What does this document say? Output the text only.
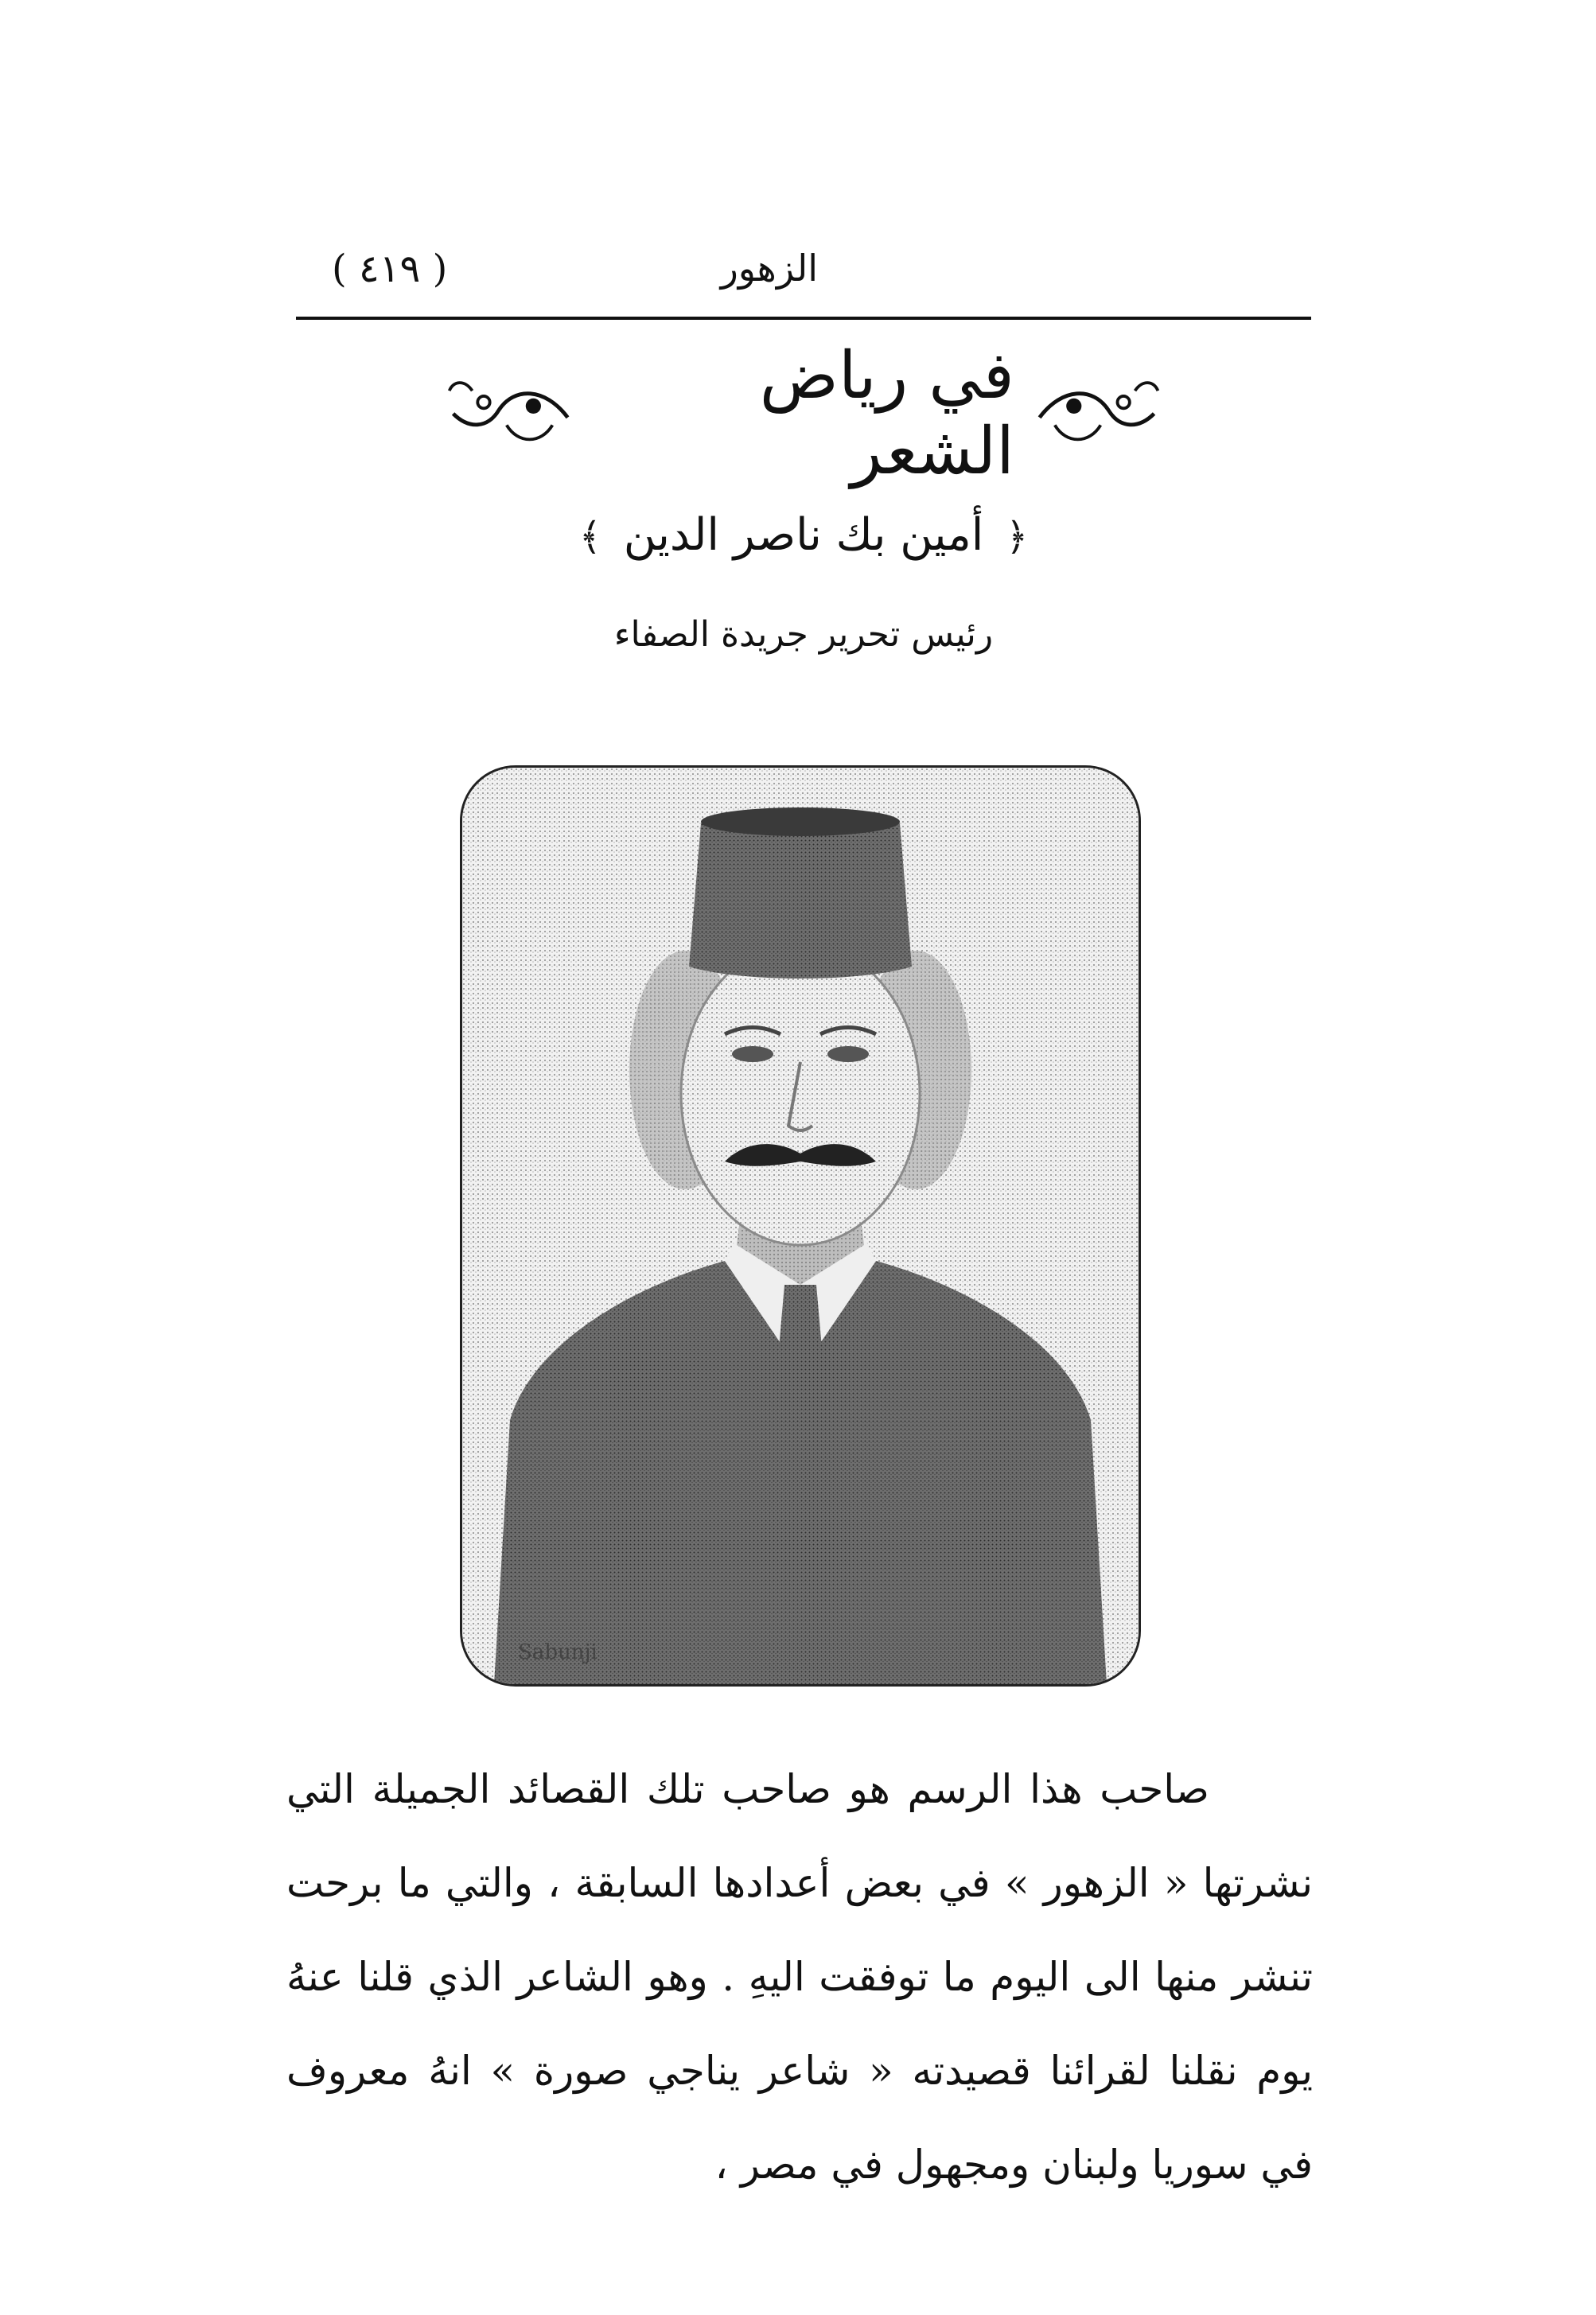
الزهور
( ٤١٩ )
في رياض الشعر
﴿ أمين بك ناصر الدين ﴾
رئيس تحرير جريدة الصفاء
Sabunji

صاحب هذا الرسم هو صاحب تلك القصائد الجميلة التي نشرتها « الزهور » في بعض أعدادها السابقة ، والتي ما برحت تنشر منها الى اليوم ما توفقت اليهِ . وهو الشاعر الذي قلنا عنهُ يوم نقلنا لقرائنا قصيدته « شاعر يناجي صورة » انهُ معروف في سوريا ولبنان ومجهول في مصر ،
